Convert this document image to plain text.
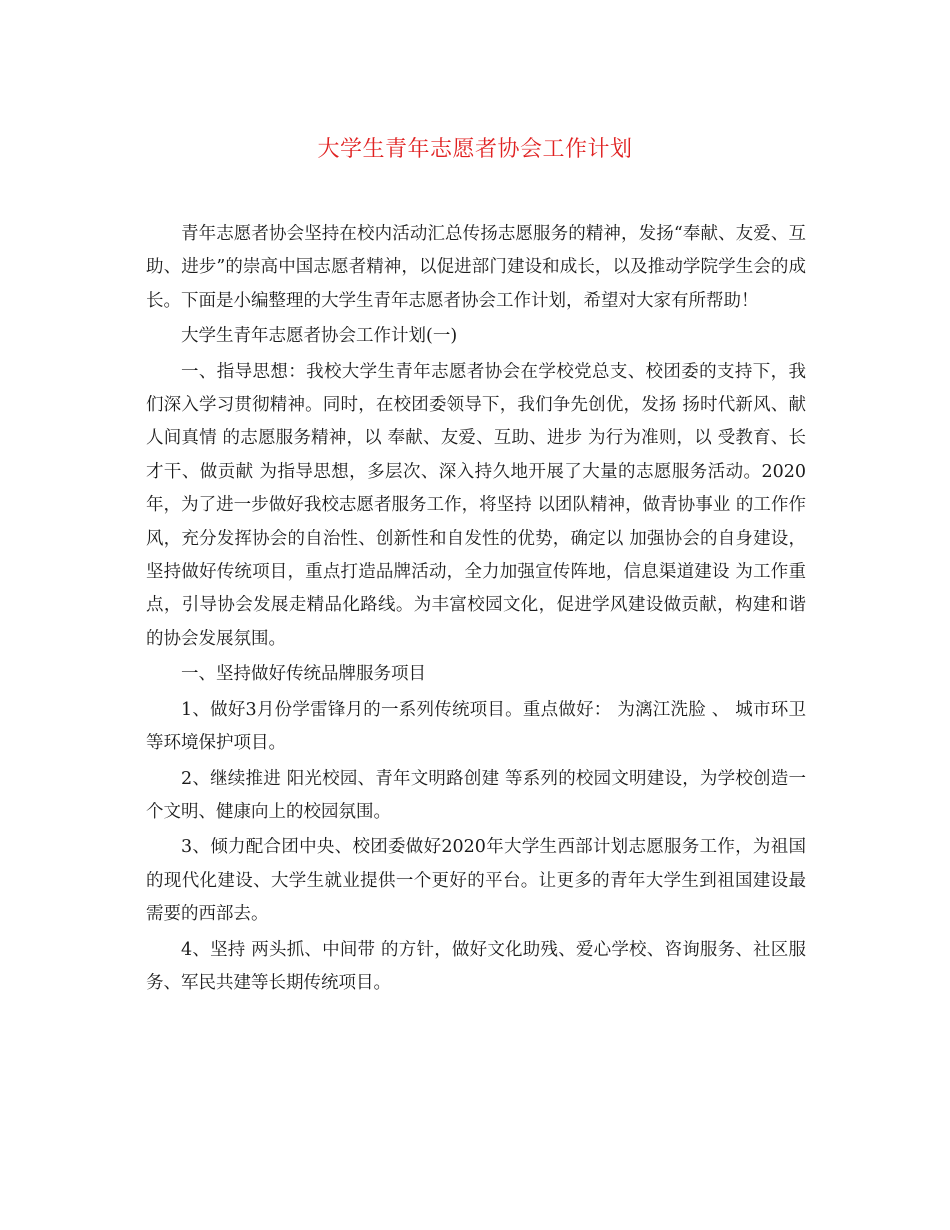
大学生青年志愿者协会工作计划

青年志愿者协会坚持在校内活动汇总传扬志愿服务的精神，发扬“奉献、友爱、互助、进步”的崇高中国志愿者精神，以促进部门建设和成长，以及推动学院学生会的成长。下面是小编整理的大学生青年志愿者协会工作计划，希望对大家有所帮助！

大学生青年志愿者协会工作计划(一)

一、指导思想：我校大学生青年志愿者协会在学校党总支、校团委的支持下，我们深入学习贯彻精神。同时，在校团委领导下，我们争先创优，发扬 扬时代新风、献人间真情 的志愿服务精神，以 奉献、友爱、互助、进步 为行为准则，以 受教育、长才干、做贡献 为指导思想，多层次、深入持久地开展了大量的志愿服务活动。2020年，为了进一步做好我校志愿者服务工作，将坚持 以团队精神，做青协事业 的工作作风，充分发挥协会的自治性、创新性和自发性的优势，确定以 加强协会的自身建设，坚持做好传统项目，重点打造品牌活动，全力加强宣传阵地，信息渠道建设 为工作重点，引导协会发展走精品化路线。为丰富校园文化，促进学风建设做贡献，构建和谐的协会发展氛围。

一、坚持做好传统品牌服务项目

1、做好3月份学雷锋月的一系列传统项目。重点做好： 为漓江洗脸 、 城市环卫 等环境保护项目。

2、继续推进 阳光校园、青年文明路创建 等系列的校园文明建设，为学校创造一个文明、健康向上的校园氛围。

3、倾力配合团中央、校团委做好2020年大学生西部计划志愿服务工作，为祖国的现代化建设、大学生就业提供一个更好的平台。让更多的青年大学生到祖国建设最需要的西部去。

4、坚持 两头抓、中间带 的方针，做好文化助残、爱心学校、咨询服务、社区服务、军民共建等长期传统项目。
